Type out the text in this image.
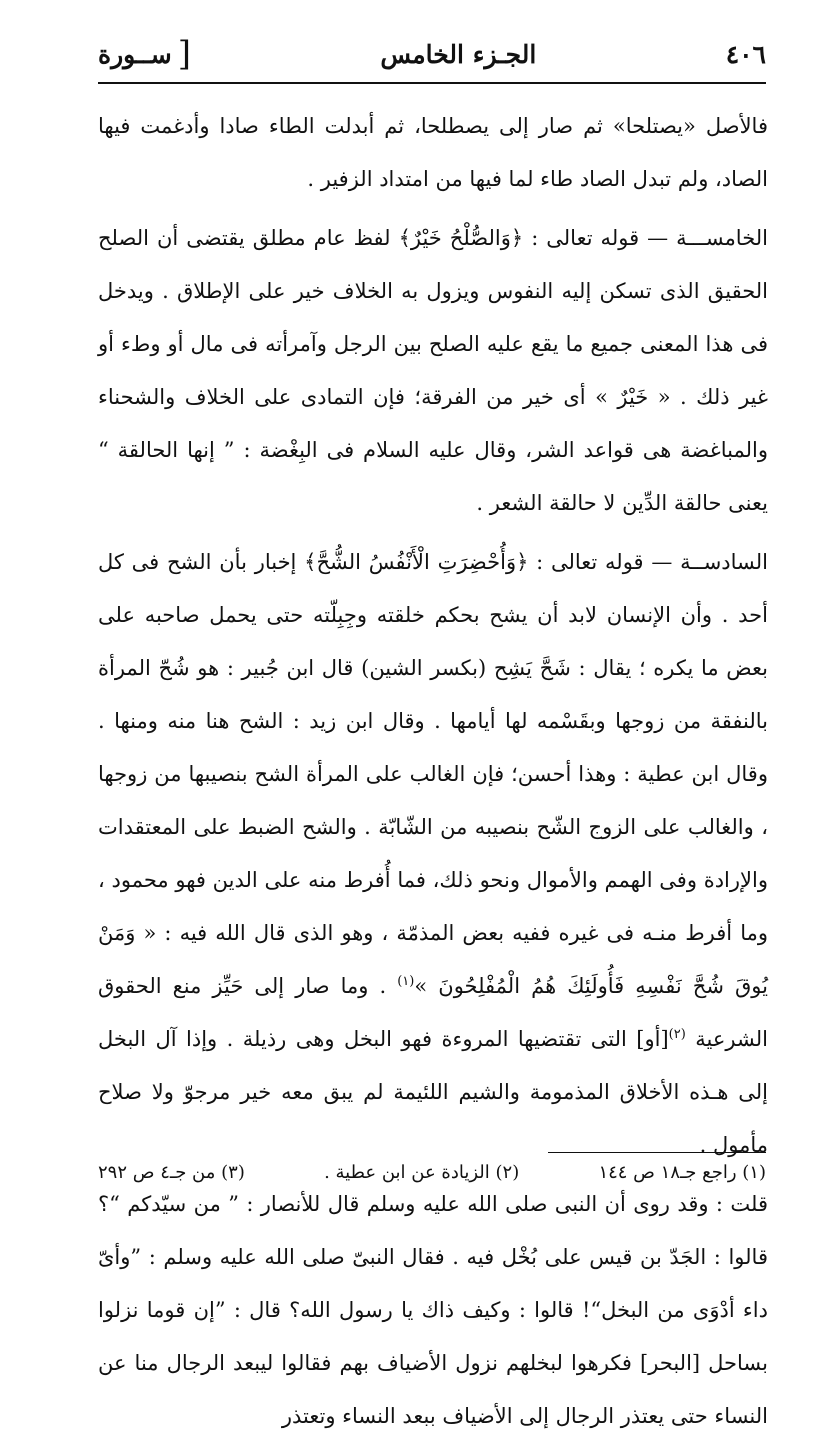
٤٠٦
الجـزء الخامس
[
ســورة

فالأصل «يصتلحا» ثم صار إلى يصطلحا، ثم أبدلت الطاء صادا وأدغمت فيها الصاد، ولم تبدل الصاد طاء لما فيها من امتداد الزفير .

الخامســـة — قوله تعالى : ﴿وَالصُّلْحُ خَيْرٌ﴾ لفظ عام مطلق يقتضى أن الصلح الحقيق الذى تسكن إليه النفوس ويزول به الخلاف خير على الإطلاق . ويدخل فى هذا المعنى جميع ما يقع عليه الصلح بين الرجل وآمرأته فى مال أو وطء أو غير ذلك . « خَيْرٌ » أى خير من الفرقة؛ فإن التمادى على الخلاف والشحناء والمباغضة هى قواعد الشر، وقال عليه السلام فى البِغْضة : ” إنها الحالقة “ يعنى حالقة الدِّين لا حالقة الشعر .

السادســة — قوله تعالى : ﴿وَأُحْضِرَتِ الْأَنْفُسُ الشُّحَّ﴾ إخبار بأن الشح فى كل أحد . وأن الإنسان لابد أن يشح بحكم خلقته وجِبِلّته حتى يحمل صاحبه على بعض ما يكره ؛ يقال : شَحَّ يَشِح (بكسر الشين) قال ابن جُبير : هو شُحّ المرأة بالنفقة من زوجها وبقَسْمه لها أيامها . وقال ابن زيد : الشح هنا منه ومنها . وقال ابن عطية : وهذا أحسن؛ فإن الغالب على المرأة الشح بنصيبها من زوجها ، والغالب على الزوج الشّح بنصيبه من الشّابّة . والشح الضبط على المعتقدات والإرادة وفى الهمم والأموال ونحو ذلك، فما أُفرط منه على الدين فهو محمود ، وما أفرط منـه فى غيره ففيه بعض المذمّة ، وهو الذى قال الله فيه : « وَمَنْ يُوقَ شُحَّ نَفْسِهِ فَأُولَئِكَ هُمُ الْمُفْلِحُونَ »$^{(١)}$ . وما صار إلى حَيِّز منع الحقوق الشرعية $^{(٢)}$[أو] التى تقتضيها المروءة فهو البخل وهى رذيلة . وإذا آل البخل إلى هـذه الأخلاق المذمومة والشيم اللئيمة لم يبق معه خير مرجوّ ولا صلاح مأمول .

قلت : وقد روى أن النبى صلى الله عليه وسلم قال للأنصار : ” من سيّدكم “؟ قالوا : الجَدّ بن قيس على بُخْل فيه . فقال النبىّ صلى الله عليه وسلم : ”وأىّ داء أدْوَى من البخل“! قالوا : وكيف ذاك يا رسول الله؟ قال : ”إن قوما نزلوا بساحل [البحر] فكرهوا لبخلهم نزول الأضياف بهم فقالوا ليبعد الرجال منا عن النساء حتى يعتذر الرجال إلى الأضياف ببعد النساء وتعتذر

(١) راجع جـ١٨ ص ١٤٤
(٢) الزيادة عن ابن عطية .
(٣) من جـ٤ ص ٢٩٢
